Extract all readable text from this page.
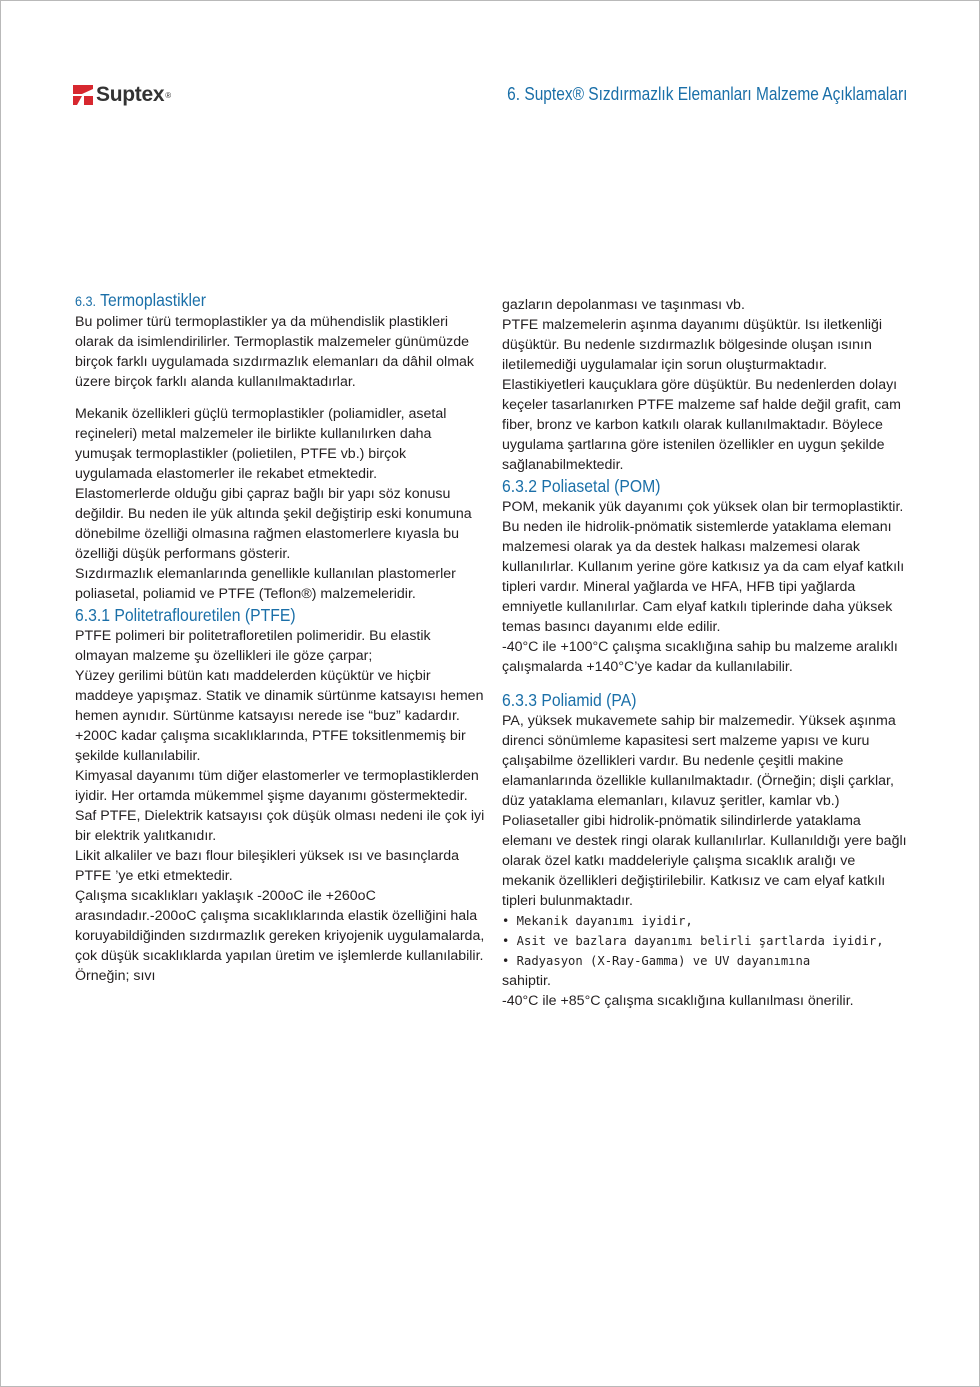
Suptex ®	6. Suptex® Sızdırmazlık Elemanları Malzeme Açıklamaları

6.3. Termoplastikler

Bu polimer türü termoplastikler ya da mühendislik plastikleri olarak da isimlendirilirler. Termoplastik malzemeler günümüzde birçok farklı uygulamada sızdırmazlık elemanları da dâhil olmak üzere birçok farklı alanda kullanılmaktadırlar.

Mekanik özellikleri güçlü termoplastikler (poliamidler, asetal reçineleri) metal malzemeler ile birlikte kullanılırken daha yumuşak termoplastikler (polietilen, PTFE vb.) birçok uygulamada elastomerler ile rekabet etmektedir.

Elastomerlerde olduğu gibi çapraz bağlı bir yapı söz konusu değildir. Bu neden ile yük altında şekil değiştirip eski konumuna dönebilme özelliği olmasına rağmen elastomerlere kıyasla bu özelliği düşük performans gösterir.

Sızdırmazlık elemanlarında genellikle kullanılan plastomerler poliasetal, poliamid ve PTFE (Teflon®) malzemeleridir.

6.3.1 Politetraflouretilen (PTFE)

PTFE polimeri bir politetrafloretilen polimeridir. Bu elastik olmayan malzeme şu özellikleri ile göze çarpar;

Yüzey gerilimi bütün katı maddelerden küçüktür ve hiçbir maddeye yapışmaz. Statik ve dinamik sürtünme katsayısı hemen hemen aynıdır. Sürtünme katsayısı nerede ise “buz” kadardır.

+200C kadar çalışma sıcaklıklarında, PTFE toksitlenmemiş bir şekilde kullanılabilir.

Kimyasal dayanımı tüm diğer elastomerler ve termoplastiklerden iyidir. Her ortamda mükemmel şişme dayanımı göstermektedir.

Saf PTFE, Dielektrik katsayısı çok düşük olması nedeni ile çok iyi bir elektrik yalıtkanıdır.

Likit alkaliler ve bazı flour bileşikleri yüksek ısı ve basınçlarda PTFE ’ye etki etmektedir.

Çalışma sıcaklıkları yaklaşık -200oC ile +260oC arasındadır.-200oC çalışma sıcaklıklarında elastik özelliğini hala koruyabildiğinden sızdırmazlık gereken kriyojenik uygulamalarda, çok düşük sıcaklıklarda yapılan üretim ve işlemlerde kullanılabilir. Örneğin; sıvı

gazların depolanması ve taşınması vb.

PTFE malzemelerin aşınma dayanımı düşüktür. Isı iletkenliği düşüktür. Bu nedenle sızdırmazlık bölgesinde oluşan ısının iletilemediği uygulamalar için sorun oluşturmaktadır. Elastikiyetleri kauçuklara göre düşüktür. Bu nedenlerden dolayı keçeler tasarlanırken PTFE malzeme saf halde değil grafit, cam fiber, bronz ve karbon katkılı olarak kullanılmaktadır. Böylece uygulama şartlarına göre istenilen özellikler en uygun şekilde sağlanabilmektedir.

6.3.2 Poliasetal (POM)

POM, mekanik yük dayanımı çok yüksek olan bir termoplastiktir. Bu neden ile hidrolik-pnömatik sistemlerde yataklama elemanı malzemesi olarak ya da destek halkası malzemesi olarak kullanılırlar. Kullanım yerine göre katkısız ya da cam elyaf katkılı tipleri vardır. Mineral yağlarda ve HFA, HFB tipi yağlarda emniyetle kullanılırlar. Cam elyaf katkılı tiplerinde daha yüksek temas basıncı dayanımı elde edilir.

-40°C ile +100°C çalışma sıcaklığına sahip bu malzeme aralıklı çalışmalarda +140°C’ye kadar da kullanılabilir.

6.3.3 Poliamid (PA)

PA, yüksek mukavemete sahip bir malzemedir. Yüksek aşınma direnci sönümleme kapasitesi sert malzeme yapısı ve kuru çalışabilme özellikleri vardır. Bu nedenle çeşitli makine elamanlarında özellikle kullanılmaktadır. (Örneğin; dişli çarklar, düz yataklama elemanları, kılavuz şeritler, kamlar vb.) Poliasetaller gibi hidrolik-pnömatik silindirlerde yataklama elemanı ve destek ringi olarak kullanılırlar. Kullanıldığı yere bağlı olarak özel katkı maddeleriyle çalışma sıcaklık aralığı ve mekanik özellikleri değiştirilebilir. Katkısız ve cam elyaf katkılı tipleri bulunmaktadır.

• Mekanik dayanımı iyidir,

• Asit ve bazlara dayanımı belirli şartlarda iyidir,

• Radyasyon (X-Ray-Gamma) ve UV dayanımına

sahiptir.

-40°C ile +85°C çalışma sıcaklığına kullanılması önerilir.
